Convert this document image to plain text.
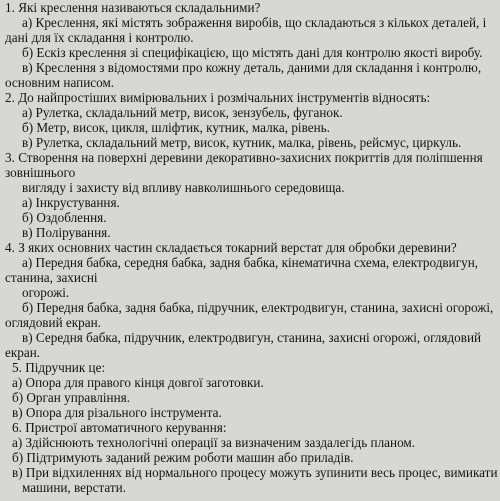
1. Які креслення називаються складальними?
а) Креслення, які містять зображення виробів, що складаються з кількох деталей, і
дані для їх складання і контролю.
б) Ескіз креслення зі специфікацією, що містять дані для контролю якості виробу.
в) Креслення з відомостями про кожну деталь, даними для складання і контролю,
основним написом.
2. До найпростіших вимірювальних і розмічальних інструментів відносять:
а) Рулетка, складальний метр, висок, зензубель, фуганок.
б) Метр, висок, цикля, шліфтик, кутник, малка, рівень.
в) Рулетка, складальний метр, висок, кутник, малка, рівень, рейсмус, циркуль.
3. Створення на поверхні деревини декоративно-захисних покриттів для поліпшення
зовнішнього
вигляду і захисту від впливу навколишнього середовища.
а) Інкрустування.
б) Оздоблення.
в) Полірування.
4. З яких основних частин складається токарний верстат для обробки деревини?
а) Передня бабка, середня бабка, задня бабка, кінематична схема, електродвигун,
станина, захисні
огорожі.
б) Передня бабка, задня бабка, підручник, електродвигун, станина, захисні огорожі,
оглядовий екран.
в) Середня бабка, підручник, електродвигун, станина, захисні огорожі, оглядовий
екран.
5. Підручник це:
а) Опора для правого кінця довгої заготовки.
б) Орган управління.
в) Опора для різального інструмента.
6. Пристрої автоматичного керування:
а) Здійснюють технологічні операції за визначеним заздалегідь планом.
б) Підтримують заданий режим роботи машин або приладів.
в) При відхиленнях від нормального процесу можуть зупинити весь процес, вимикати
машини, верстати.
